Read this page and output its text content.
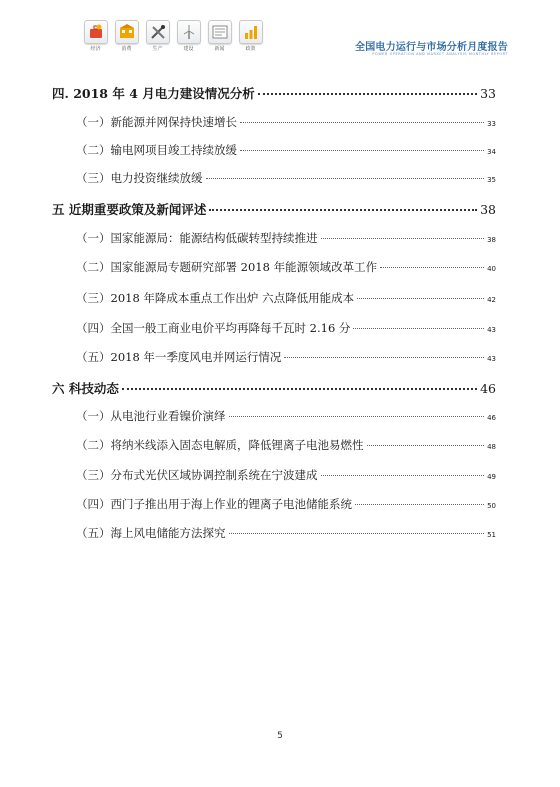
经济	消费	生产	建设	新闻	政策	全国电力运行与市场分析月度报告
POWER OPERATION AND MARKET ANALYSIS MONTHLY REPORT
四. 2018 年 4 月电力建设情况分析	33
（一）新能源并网保持快速增长	33
（二）输电网项目竣工持续放缓	34
（三）电力投资继续放缓	35
五 近期重要政策及新闻评述	38
（一）国家能源局：能源结构低碳转型持续推进	38
（二）国家能源局专题研究部署 2018 年能源领域改革工作	40
（三）2018 年降成本重点工作出炉 六点降低用能成本	42
（四）全国一般工商业电价平均再降每千瓦时 2.16 分	43
（五）2018 年一季度风电并网运行情况	43
六 科技动态	46
（一）从电池行业看镍价演绎	46
（二）将纳米线添入固态电解质，降低锂离子电池易燃性	48
（三）分布式光伏区域协调控制系统在宁波建成	49
（四）西门子推出用于海上作业的锂离子电池储能系统	50
（五）海上风电储能方法探究	51
5
